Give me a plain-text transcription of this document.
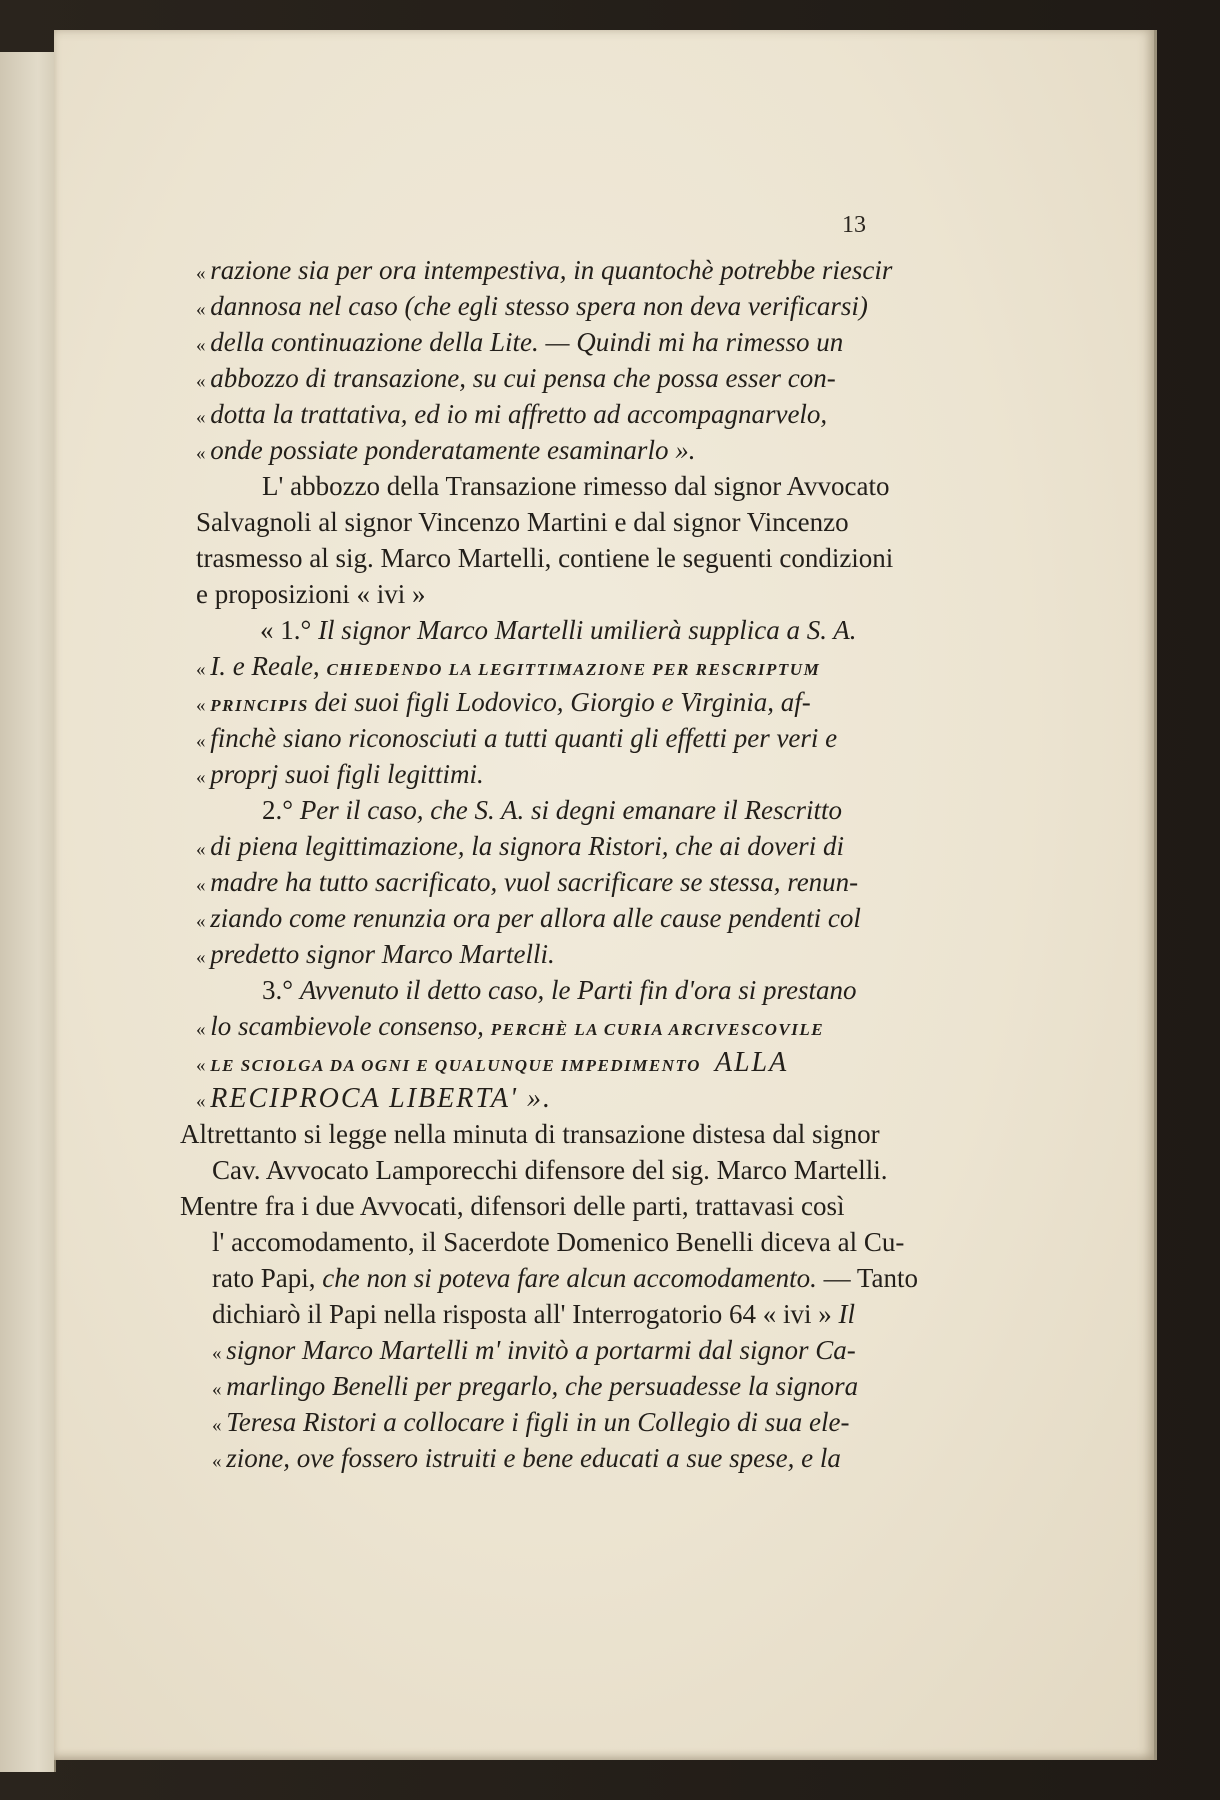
13
« razione sia per ora intempestiva, in quantochè potrebbe riescir
« dannosa nel caso (che egli stesso spera non deva verificarsi)
« della continuazione della Lite. — Quindi mi ha rimesso un
« abbozzo di transazione, su cui pensa che possa esser con-
« dotta la trattativa, ed io mi affretto ad accompagnarvelo,
« onde possiate ponderatamente esaminarlo ».
L' abbozzo della Transazione rimesso dal signor Avvocato
Salvagnoli al signor Vincenzo Martini e dal signor Vincenzo
trasmesso al sig. Marco Martelli, contiene le seguenti condizioni
e proposizioni « ivi »
« 1.° Il signor Marco Martelli umilierà supplica a S. A.
« I. e Reale, CHIEDENDO LA LEGITTIMAZIONE PER RESCRIPTUM
« PRINCIPIS dei suoi figli Lodovico, Giorgio e Virginia, af-
« finchè siano riconosciuti a tutti quanti gli effetti per veri e
« proprj suoi figli legittimi.
2.° Per il caso, che S. A. si degni emanare il Rescritto
« di piena legittimazione, la signora Ristori, che ai doveri di
« madre ha tutto sacrificato, vuol sacrificare se stessa, renun-
« ziando come renunzia ora per allora alle cause pendenti col
« predetto signor Marco Martelli.
3.° Avvenuto il detto caso, le Parti fin d'ora si prestano
« lo scambievole consenso, PERCHÈ LA CURIA ARCIVESCOVILE
« LE SCIOLGA DA OGNI E QUALUNQUE IMPEDIMENTO ALLA
« RECIPROCA LIBERTA' ».
Altrettanto si legge nella minuta di transazione distesa dal signor
Cav. Avvocato Lamporecchi difensore del sig. Marco Martelli.
Mentre fra i due Avvocati, difensori delle parti, trattavasi così
l' accomodamento, il Sacerdote Domenico Benelli diceva al Cu-
rato Papi, che non si poteva fare alcun accomodamento. — Tanto
dichiarò il Papi nella risposta all' Interrogatorio 64 « ivi » Il
« signor Marco Martelli m' invitò a portarmi dal signor Ca-
« marlingo Benelli per pregarlo, che persuadesse la signora
« Teresa Ristori a collocare i figli in un Collegio di sua ele-
« zione, ove fossero istruiti e bene educati a sue spese, e la
